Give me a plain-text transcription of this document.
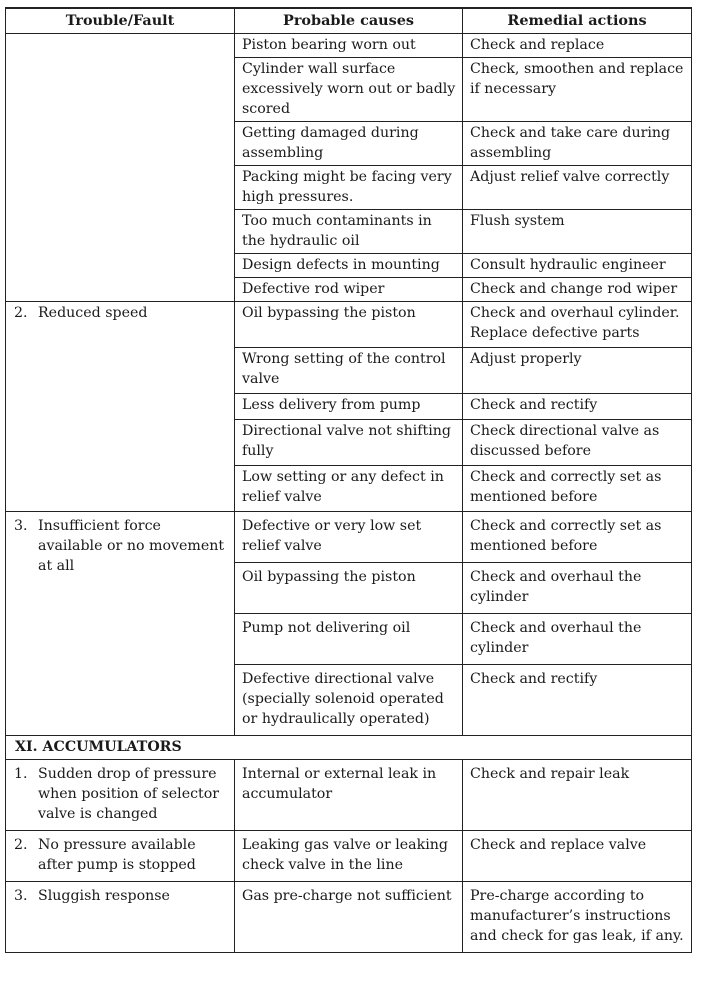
Trouble/Fault	Probable causes	Remedial actions
	Piston bearing worn out	Check and replace
	Cylinder wall surface excessively worn out or badly scored	Check, smoothen and replace if necessary
	Getting damaged during assembling	Check and take care during assembling
	Packing might be facing very high pressures.	Adjust relief valve correctly
	Too much contaminants in the hydraulic oil	Flush system
	Design defects in mounting	Consult hydraulic engineer
	Defective rod wiper	Check and change rod wiper

2. Reduced speed	Oil bypassing the piston	Check and overhaul cylinder. Replace defective parts
	Wrong setting of the control valve	Adjust properly
	Less delivery from pump	Check and rectify
	Directional valve not shifting fully	Check directional valve as discussed before
	Low setting or any defect in relief valve	Check and correctly set as mentioned before

3. Insufficient force available or no movement at all	Defective or very low set relief valve	Check and correctly set as mentioned before
	Oil bypassing the piston	Check and overhaul the cylinder
	Pump not delivering oil	Check and overhaul the cylinder
	Defective directional valve (specially solenoid operated or hydraulically operated)	Check and rectify
XI. ACCUMULATORS		

1. Sudden drop of pressure when position of selector valve is changed	Internal or external leak in accumulator	Check and repair leak

2. No pressure available after pump is stopped	Leaking gas valve or leaking check valve in the line	Check and replace valve

3. Sluggish response	Gas pre-charge not sufficient	Pre-charge according to manufacturer’s instructions and check for gas leak, if any.
